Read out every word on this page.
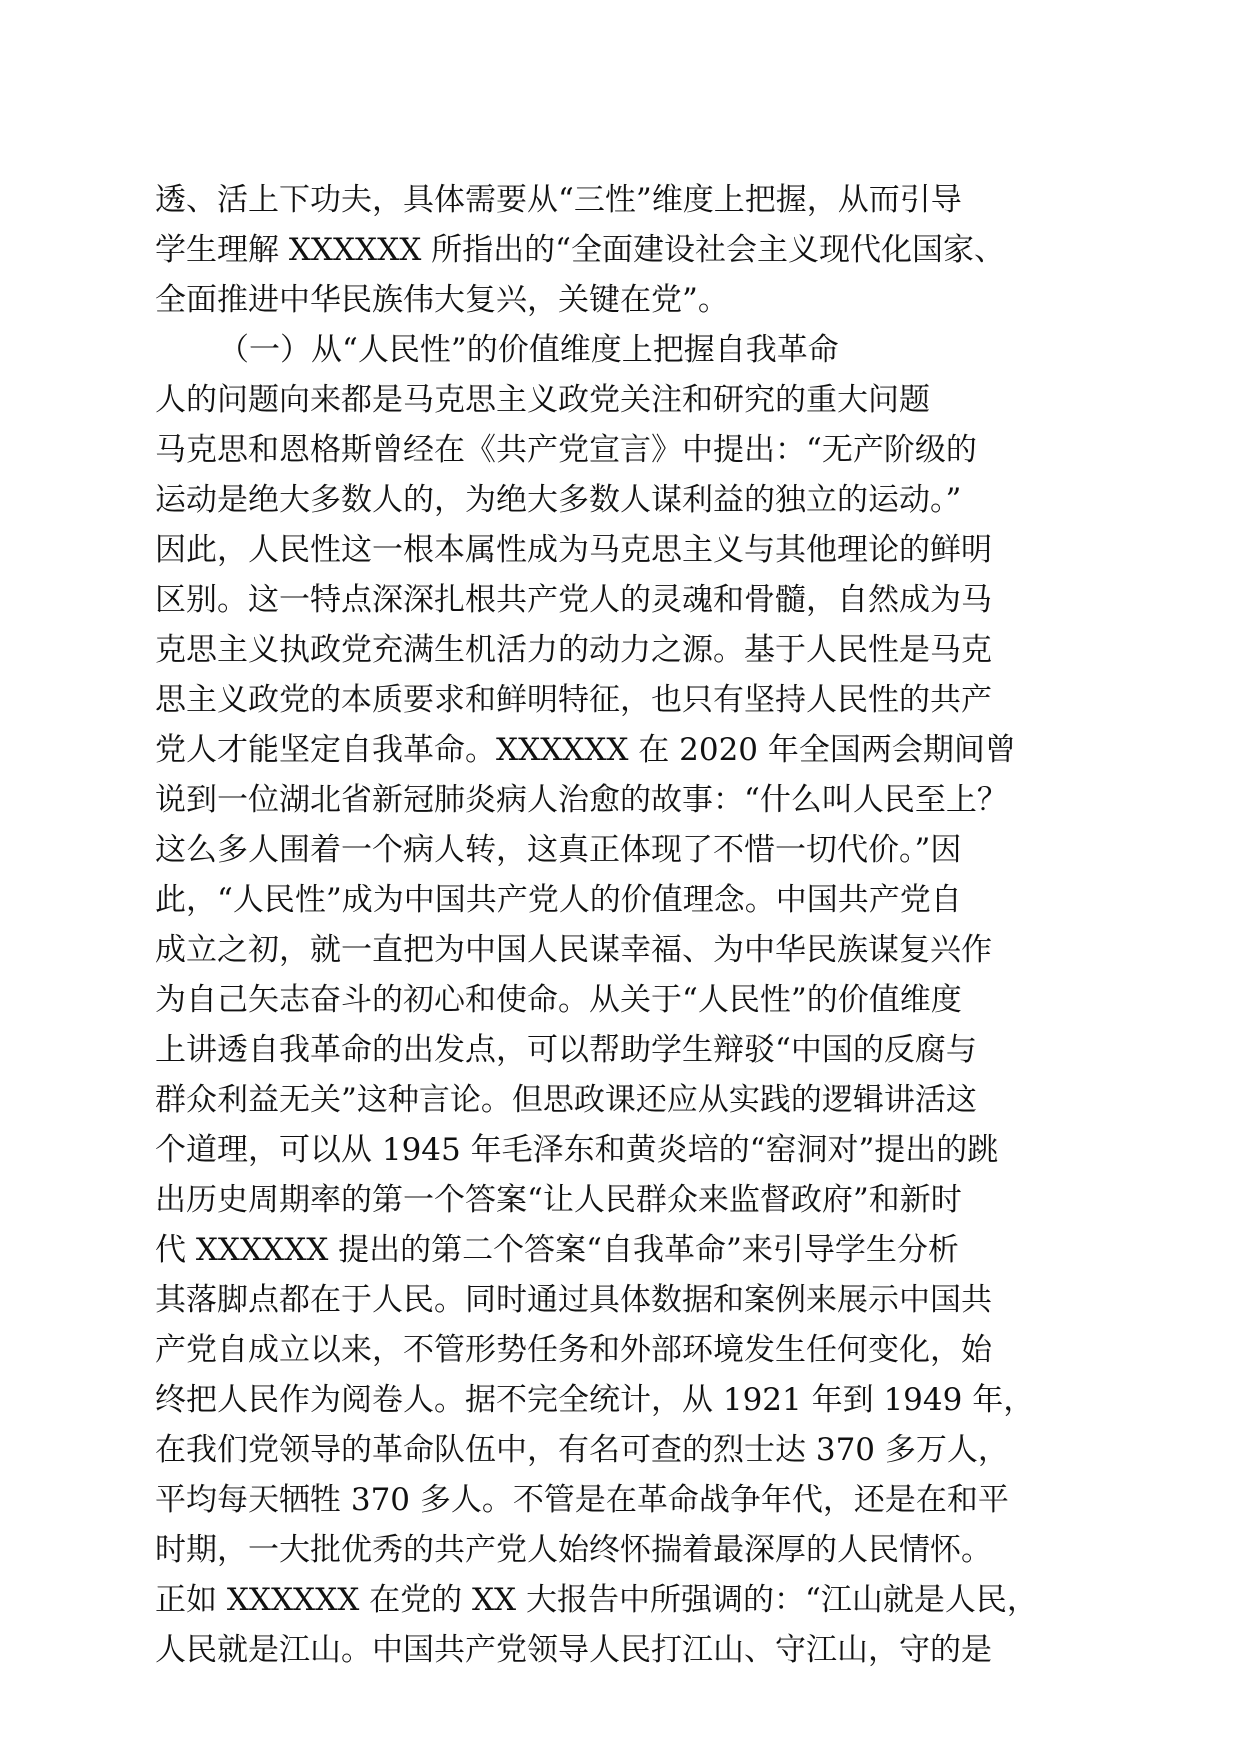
透、活上下功夫，具体需要从“三性”维度上把握，从而引导
学生理解 XXXXXX 所指出的“全面建设社会主义现代化国家、
全面推进中华民族伟大复兴，关键在党”。
（一）从“人民性”的价值维度上把握自我革命
人的问题向来都是马克思主义政党关注和研究的重大问题
马克思和恩格斯曾经在《共产党宣言》中提出：“无产阶级的
运动是绝大多数人的，为绝大多数人谋利益的独立的运动。”
因此，人民性这一根本属性成为马克思主义与其他理论的鲜明
区别。这一特点深深扎根共产党人的灵魂和骨髓，自然成为马
克思主义执政党充满生机活力的动力之源。基于人民性是马克
思主义政党的本质要求和鲜明特征，也只有坚持人民性的共产
党人才能坚定自我革命。XXXXXX 在 2020 年全国两会期间曾
说到一位湖北省新冠肺炎病人治愈的故事：“什么叫人民至上？
这么多人围着一个病人转，这真正体现了不惜一切代价。”因
此，“人民性”成为中国共产党人的价值理念。中国共产党自
成立之初，就一直把为中国人民谋幸福、为中华民族谋复兴作
为自己矢志奋斗的初心和使命。从关于“人民性”的价值维度
上讲透自我革命的出发点，可以帮助学生辩驳“中国的反腐与
群众利益无关”这种言论。但思政课还应从实践的逻辑讲活这
个道理，可以从 1945 年毛泽东和黄炎培的“窑洞对”提出的跳
出历史周期率的第一个答案“让人民群众来监督政府”和新时
代 XXXXXX 提出的第二个答案“自我革命”来引导学生分析
其落脚点都在于人民。同时通过具体数据和案例来展示中国共
产党自成立以来，不管形势任务和外部环境发生任何变化，始
终把人民作为阅卷人。据不完全统计，从 1921 年到 1949 年，
在我们党领导的革命队伍中，有名可查的烈士达 370 多万人，
平均每天牺牲 370 多人。不管是在革命战争年代，还是在和平
时期，一大批优秀的共产党人始终怀揣着最深厚的人民情怀。
正如 XXXXXX 在党的 XX 大报告中所强调的：“江山就是人民，
人民就是江山。中国共产党领导人民打江山、守江山，守的是
